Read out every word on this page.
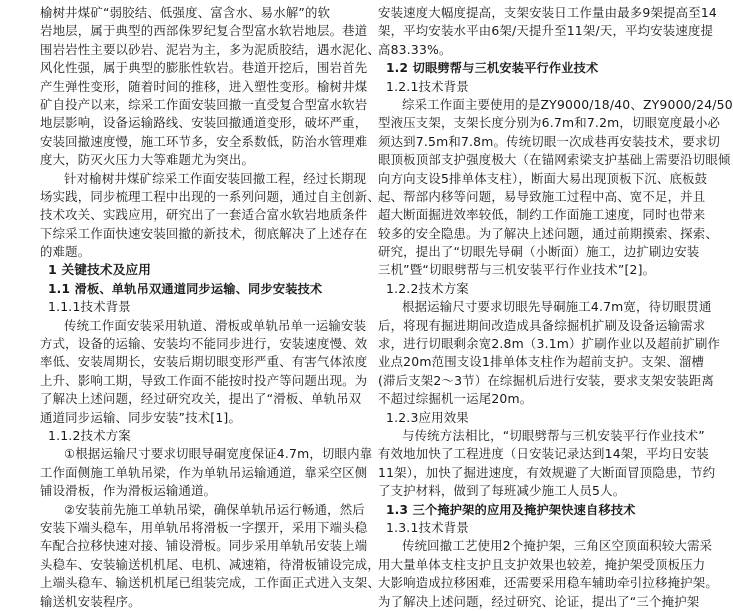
榆树井煤矿“弱胶结、低强度、富含水、易水解”的软
岩地层，属于典型的西部侏罗纪复合型富水软岩地层。巷道
围岩岩性主要以砂岩、泥岩为主，多为泥质胶结，遇水泥化、
风化性强，属于典型的膨胀性软岩。巷道开挖后，围岩首先
产生弹性变形，随着时间的推移，进入塑性变形。榆树井煤
矿自投产以来，综采工作面安装回撤一直受复合型富水软岩
地层影响，设备运输路线、安装回撤通道变形，破坏严重，
安装回撤速度慢，施工环节多，安全系数低，防治水管理难
度大，防灭火压力大等难题尤为突出。
针对榆树井煤矿综采工作面安装回撤工程，经过长期现
场实践，同步梳理工程中出现的一系列问题，通过自主创新、
技术攻关、实践应用，研究出了一套适合富水软岩地质条件
下综采工作面快速安装回撤的新技术，彻底解决了上述存在
的难题。
1 关键技术及应用
1.1 滑板、单轨吊双通道同步运输、同步安装技术
1.1.1技术背景
传统工作面安装采用轨道、滑板或单轨吊单一运输安装
方式，设备的运输、安装均不能同步进行，安装速度慢、效
率低、安装周期长，安装后期切眼变形严重、有害气体浓度
上升、影响工期，导致工作面不能按时投产等问题出现。为
了解决上述问题，经过研究攻关，提出了“滑板、单轨吊双
通道同步运输、同步安装”技术[1]。
1.1.2技术方案
①根据运输尺寸要求切眼导硐宽度保证4.7m，切眼内靠
工作面侧施工单轨吊梁，作为单轨吊运输通道，靠采空区侧
铺设滑板，作为滑板运输通道。
②安装前先施工单轨吊梁，确保单轨吊运行畅通，然后
安装下端头稳车，用单轨吊将滑板一字摆开，采用下端头稳
车配合拉移快速对接、铺设滑板。同步采用单轨吊安装上端
头稳车、安装输送机机尾、电机、减速箱，待滑板铺设完成，
上端头稳车、输送机机尾已组装完成，工作面正式进入支架、
输送机安装程序。
安装速度大幅度提高，支架安装日工作量由最多9架提高至14
架，平均安装水平由6架/天提升至11架/天，平均安装速度提
高83.33%。
1.2 切眼劈帮与三机安装平行作业技术
1.2.1技术背景
综采工作面主要使用的是ZY9000/18/40、ZY9000/24/50
型液压支架，支架长度分别为6.7m和7.2m，切眼宽度最小必
须达到7.5m和7.8m。传统切眼一次成巷再安装技术，要求切
眼顶板顶部支护强度极大（在锚网索梁支护基础上需要沿切眼倾
向方向支设5排单体支柱），断面大易出现顶板下沉、底板鼓
起、帮部内移等问题，易导致施工过程中高、宽不足，并且
超大断面掘进效率较低，制约工作面施工速度，同时也带来
较多的安全隐患。为了解决上述问题，通过前期摸索、探索、
研究，提出了“切眼先导硐（小断面）施工，边扩刷边安装
三机”暨“切眼劈帮与三机安装平行作业技术”[2]。
1.2.2技术方案
根据运输尺寸要求切眼先导硐施工4.7m宽，待切眼贯通
后，将现有掘进期间改造成具备综掘机扩刷及设备运输需求
求，进行切眼剩余宽2.8m（3.1m）扩刷作业以及超前扩刷作
业点20m范围支设1排单体支柱作为超前支护。支架、溜槽
(滞后支架2～3节）在综掘机后进行安装，要求支架安装距离
不超过综掘机一运尾20m。
1.2.3应用效果
与传统方法相比，“切眼劈帮与三机安装平行作业技术”
有效地加快了工程进度（日安装记录达到14架，平均日安装
11架），加快了掘进速度，有效规避了大断面冒顶隐患，节约
了支护材料，做到了每班减少施工人员5人。
1.3 三个掩护架的应用及掩护架快速自移技术
1.3.1技术背景
传统回撤工艺使用2个掩护架，三角区空顶面积较大需采
用大量单体支柱支护且支护效果也较差，掩护架受顶板压力
大影响造成拉移困难，还需要采用稳车辅助牵引拉移掩护架。
为了解决上述问题，经过研究、论证，提出了“三个掩护架
